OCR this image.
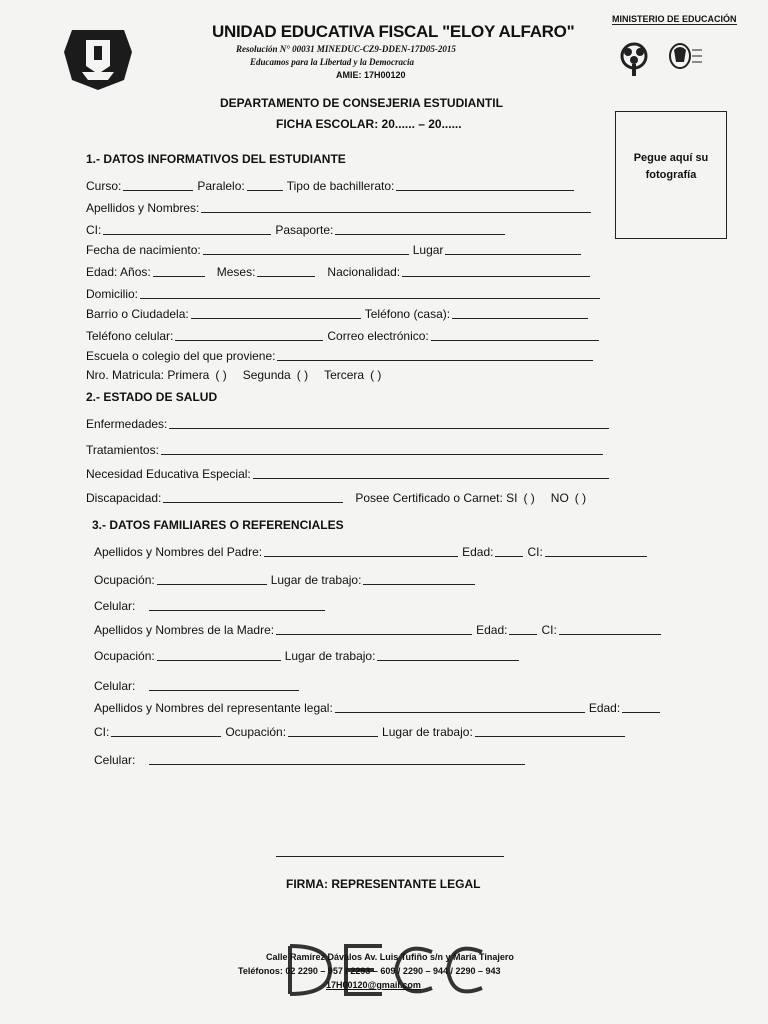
UNIDAD EDUCATIVA FISCAL "ELOY ALFARO"
Resolución N° 00031 MINEDUC-CZ9-DDEN-17D05-2015
Educamos para la Libertad y la Democracia
AMIE: 17H00120
MINISTERIO DE EDUCACIÓN
DEPARTAMENTO DE CONSEJERIA ESTUDIANTIL
FICHA ESCOLAR: 20...... – 20......
Pegue aquí su fotografía
1.- DATOS INFORMATIVOS DEL ESTUDIANTE
Curso:	Paralelo:	Tipo de bachillerato:
Apellidos y Nombres:
CI:	Pasaporte:
Fecha de nacimiento:	Lugar
Edad: Años:	Meses:	Nacionalidad:
Domicilio:
Barrio o Ciudadela:	Teléfono (casa):
Teléfono celular:	Correo electrónico:
Escuela o colegio del que proviene:
Nro. Matricula: Primera ( ) Segunda ( ) Tercera ( )
2.- ESTADO DE SALUD
Enfermedades:
Tratamientos:
Necesidad Educativa Especial:
Discapacidad:	Posee Certificado o Carnet: SI ( ) NO ( )
3.- DATOS FAMILIARES O REFERENCIALES
Apellidos y Nombres del Padre:	Edad:	CI:
Ocupación:	Lugar de trabajo:
Celular:
Apellidos y Nombres de la Madre:	Edad:	CI:
Ocupación:	Lugar de trabajo:
Celular:
Apellidos y Nombres del representante legal:	Edad:
CI:	Ocupación:	Lugar de trabajo:
Celular:
FIRMA: REPRESENTANTE LEGAL
Calle Ramírez Dávalos Av. Luis Tufiño s/n y María Tinajero
Teléfonos: 02 2290 – 957 / 2293 – 609 / 2290 – 944 / 2290 – 943
17H00120@gmail.com
